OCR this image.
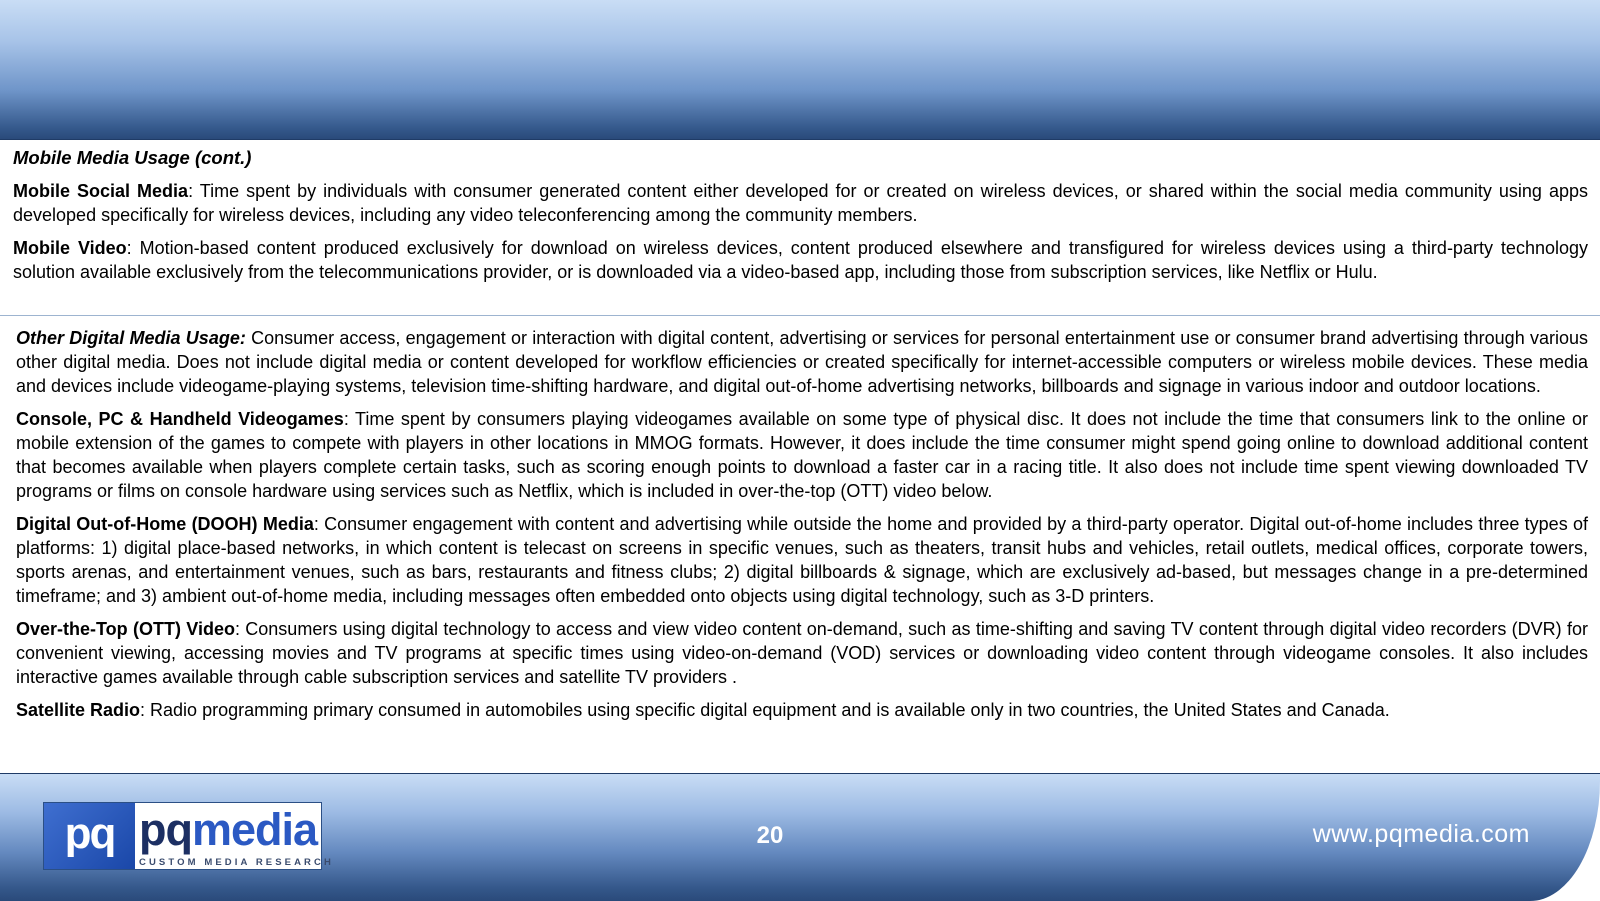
Mobile Media Usage (cont.)

Mobile Social Media: Time spent by individuals with consumer generated content either developed for or created on wireless devices, or shared within the social media community using apps developed specifically for wireless devices, including any video teleconferencing among the community members.

Mobile Video: Motion-based content produced exclusively for download on wireless devices, content produced elsewhere and transfigured for wireless devices using a third-party technology solution available exclusively from the telecommunications provider, or is downloaded via a video-based app, including those from subscription services, like Netflix or Hulu.

Other Digital Media Usage: Consumer access, engagement or interaction with digital content, advertising or services for personal entertainment use or consumer brand advertising through various other digital media. Does not include digital media or content developed for workflow efficiencies or created specifically for internet-accessible computers or wireless mobile devices. These media and devices include videogame-playing systems, television time-shifting hardware, and digital out-of-home advertising networks, billboards and signage in various indoor and outdoor locations.

Console, PC & Handheld Videogames: Time spent by consumers playing videogames available on some type of physical disc. It does not include the time that consumers link to the online or mobile extension of the games to compete with players in other locations in MMOG formats. However, it does include the time consumer might spend going online to download additional content that becomes available when players complete certain tasks, such as scoring enough points to download a faster car in a racing title. It also does not include time spent viewing downloaded TV programs or films on console hardware using services such as Netflix, which is included in over-the-top (OTT) video below.

Digital Out-of-Home (DOOH) Media: Consumer engagement with content and advertising while outside the home and provided by a third-party operator. Digital out-of-home includes three types of platforms: 1) digital place-based networks, in which content is telecast on screens in specific venues, such as theaters, transit hubs and vehicles, retail outlets, medical offices, corporate towers, sports arenas, and entertainment venues, such as bars, restaurants and fitness clubs; 2) digital billboards & signage, which are exclusively ad-based, but messages change in a pre-determined timeframe; and 3) ambient out-of-home media, including messages often embedded onto objects using digital technology, such as 3-D printers.

Over-the-Top (OTT) Video: Consumers using digital technology to access and view video content on-demand, such as time-shifting and saving TV content through digital video recorders (DVR) for convenient viewing, accessing movies and TV programs at specific times using video-on-demand (VOD) services or downloading video content through videogame consoles. It also includes interactive games available through cable subscription services and satellite TV providers .

Satellite Radio: Radio programming primary consumed in automobiles using specific digital equipment and is available only in two countries, the United States and Canada.

pq pqmedia
CUSTOM MEDIA RESEARCH
20	www.pqmedia.com
